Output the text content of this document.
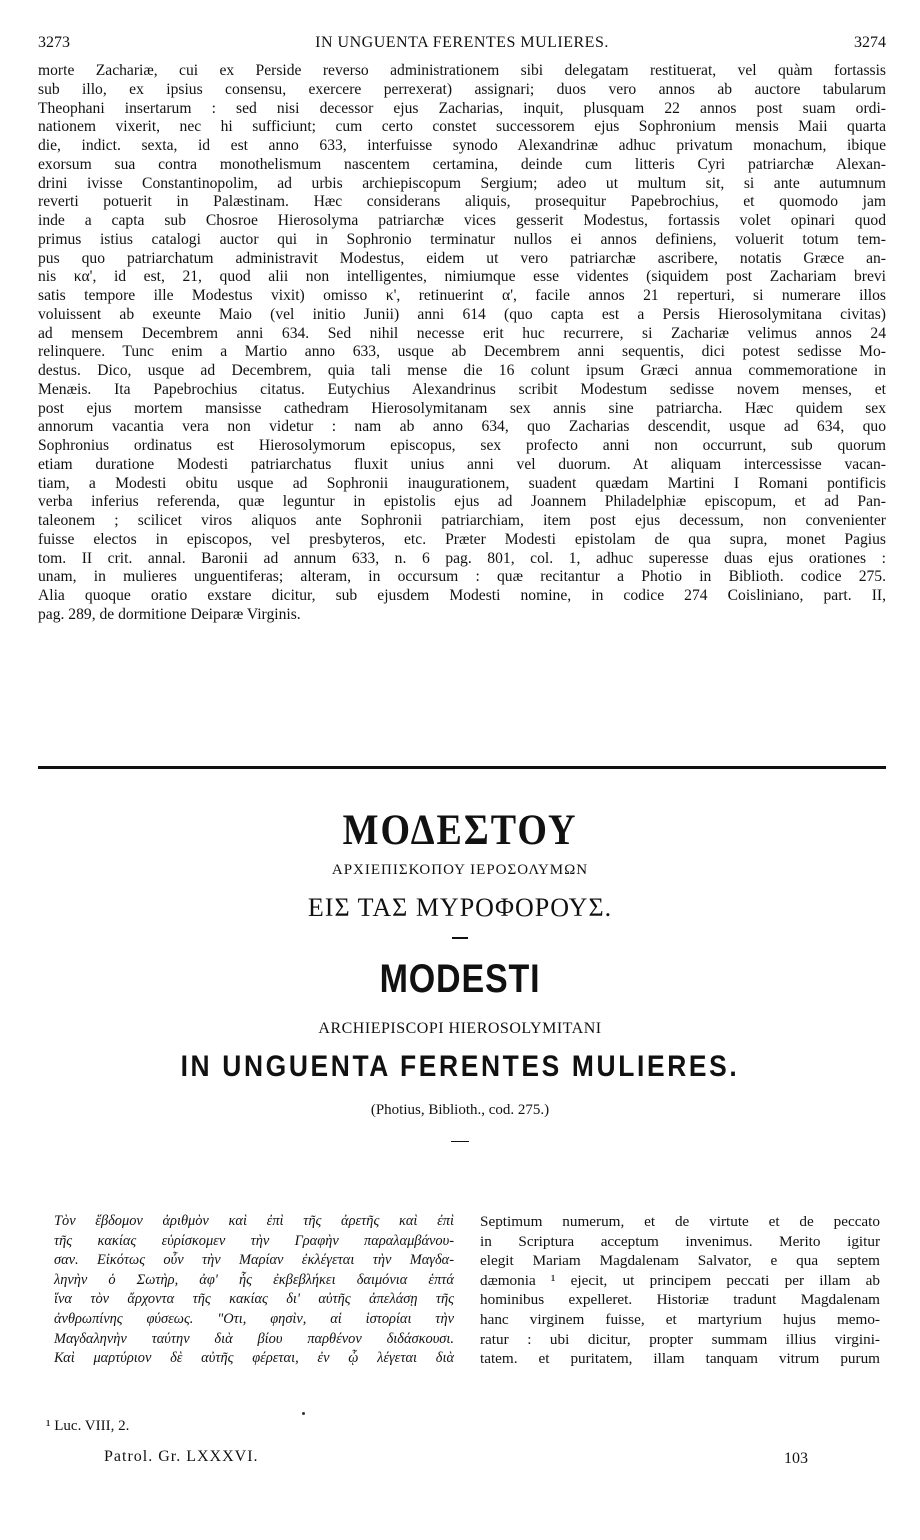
3273	IN UNGUENTA FERENTES MULIERES.	3274
morte Zachariæ, cui ex Perside reverso administrationem sibi delegatam restituerat, vel quàm fortassis
sub illo, ex ipsius consensu, exercere perrexerat) assignari; duos vero annos ab auctore tabularum
Theophani insertarum : sed nisi decessor ejus Zacharias, inquit, plusquam 22 annos post suam ordi-
nationem vixerit, nec hi sufficiunt; cum certo constet successorem ejus Sophronium mensis Maii quarta
die, indict. sexta, id est anno 633, interfuisse synodo Alexandrinæ adhuc privatum monachum, ibique
exorsum sua contra monothelismum nascentem certamina, deinde cum litteris Cyri patriarchæ Alexan-
drini ivisse Constantinopolim, ad urbis archiepiscopum Sergium; adeo ut multum sit, si ante autumnum
reverti potuerit in Palæstinam. Hæc considerans aliquis, prosequitur Papebrochius, et quomodo jam
inde a capta sub Chosroe Hierosolyma patriarchæ vices gesserit Modestus, fortassis volet opinari quod
primus istius catalogi auctor qui in Sophronio terminatur nullos ei annos definiens, voluerit totum tem-
pus quo patriarchatum administravit Modestus, eidem ut vero patriarchæ ascribere, notatis Græce an-
nis κα', id est, 21, quod alii non intelligentes, nimiumque esse videntes (siquidem post Zachariam brevi
satis tempore ille Modestus vixit) omisso κ', retinuerint α', facile annos 21 reperturi, si numerare illos
voluissent ab exeunte Maio (vel initio Junii) anni 614 (quo capta est a Persis Hierosolymitana civitas)
ad mensem Decembrem anni 634. Sed nihil necesse erit huc recurrere, si Zachariæ velimus annos 24
relinquere. Tunc enim a Martio anno 633, usque ab Decembrem anni sequentis, dici potest sedisse Mo-
destus. Dico, usque ad Decembrem, quia tali mense die 16 colunt ipsum Græci annua commemoratione in
Menæis. Ita Papebrochius citatus. Eutychius Alexandrinus scribit Modestum sedisse novem menses, et
post ejus mortem mansisse cathedram Hierosolymitanam sex annis sine patriarcha. Hæc quidem sex
annorum vacantia vera non videtur : nam ab anno 634, quo Zacharias descendit, usque ad 634, quo
Sophronius ordinatus est Hierosolymorum episcopus, sex profecto anni non occurrunt, sub quorum
etiam duratione Modesti patriarchatus fluxit unius anni vel duorum. At aliquam intercessisse vacan-
tiam, a Modesti obitu usque ad Sophronii inaugurationem, suadent quædam Martini I Romani pontificis
verba inferius referenda, quæ leguntur in epistolis ejus ad Joannem Philadelphiæ episcopum, et ad Pan-
taleonem ; scilicet viros aliquos ante Sophronii patriarchiam, item post ejus decessum, non convenienter
fuisse electos in episcopos, vel presbyteros, etc. Præter Modesti epistolam de qua supra, monet Pagius
tom. II crit. annal. Baronii ad annum 633, n. 6 pag. 801, col. 1, adhuc superesse duas ejus orationes :
unam, in mulieres unguentiferas; alteram, in occursum : quæ recitantur a Photio in Biblioth. codice 275.
Alia quoque oratio exstare dicitur, sub ejusdem Modesti nomine, in codice 274 Coisliniano, part. II,
pag. 289, de dormitione Deiparæ Virginis.
ΜΟΔΕΣΤΟΥ
ΑΡΧΙΕΠΙΣΚΟΠΟΥ ΙΕΡΟΣΟΛΥΜΩΝ
ΕΙΣ ΤΑΣ ΜΥΡΟΦΟΡΟΥΣ.
MODESTI
ARCHIEPISCOPI HIEROSOLYMITANI
IN UNGUENTA FERENTES MULIERES.
(Photius, Biblioth., cod. 275.)
Τὸν ἕβδομον ἀριθμὸν καὶ ἐπὶ τῆς ἀρετῆς καὶ ἐπὶ
τῆς κακίας εὑρίσκομεν τὴν Γραφὴν παραλαμβάνου-
σαν. Εἰκότως οὖν τὴν Μαρίαν ἐκλέγεται τὴν Μαγδα-
ληνὴν ὁ Σωτὴρ, ἀφ' ἧς ἐκβεβλήκει δαιμόνια ἑπτά
ἵνα τὸν ἄρχοντα τῆς κακίας δι' αὐτῆς ἀπελάσῃ τῆς
ἀνθρωπίνης φύσεως. "Οτι, φησὶν, αἱ ἱστορίαι τὴν
Μαγδαληνὴν ταύτην διὰ βίου παρθένον διδάσκουσι.
Καὶ μαρτύριον δὲ αὐτῆς φέρεται, ἐν ᾧ λέγεται διὰ
Septimum numerum, et de virtute et de peccato
in Scriptura acceptum invenimus. Merito igitur
elegit Mariam Magdalenam Salvator, e qua septem
dæmonia ¹ ejecit, ut principem peccati per illam ab
hominibus expelleret. Historiæ tradunt Magdalenam
hanc virginem fuisse, et martyrium hujus memo-
ratur : ubi dicitur, propter summam illius virgini-
tatem. et puritatem, illam tanquam vitrum purum
¹ Luc. VIII, 2.
Patrol. Gr. LXXXVI.	103
